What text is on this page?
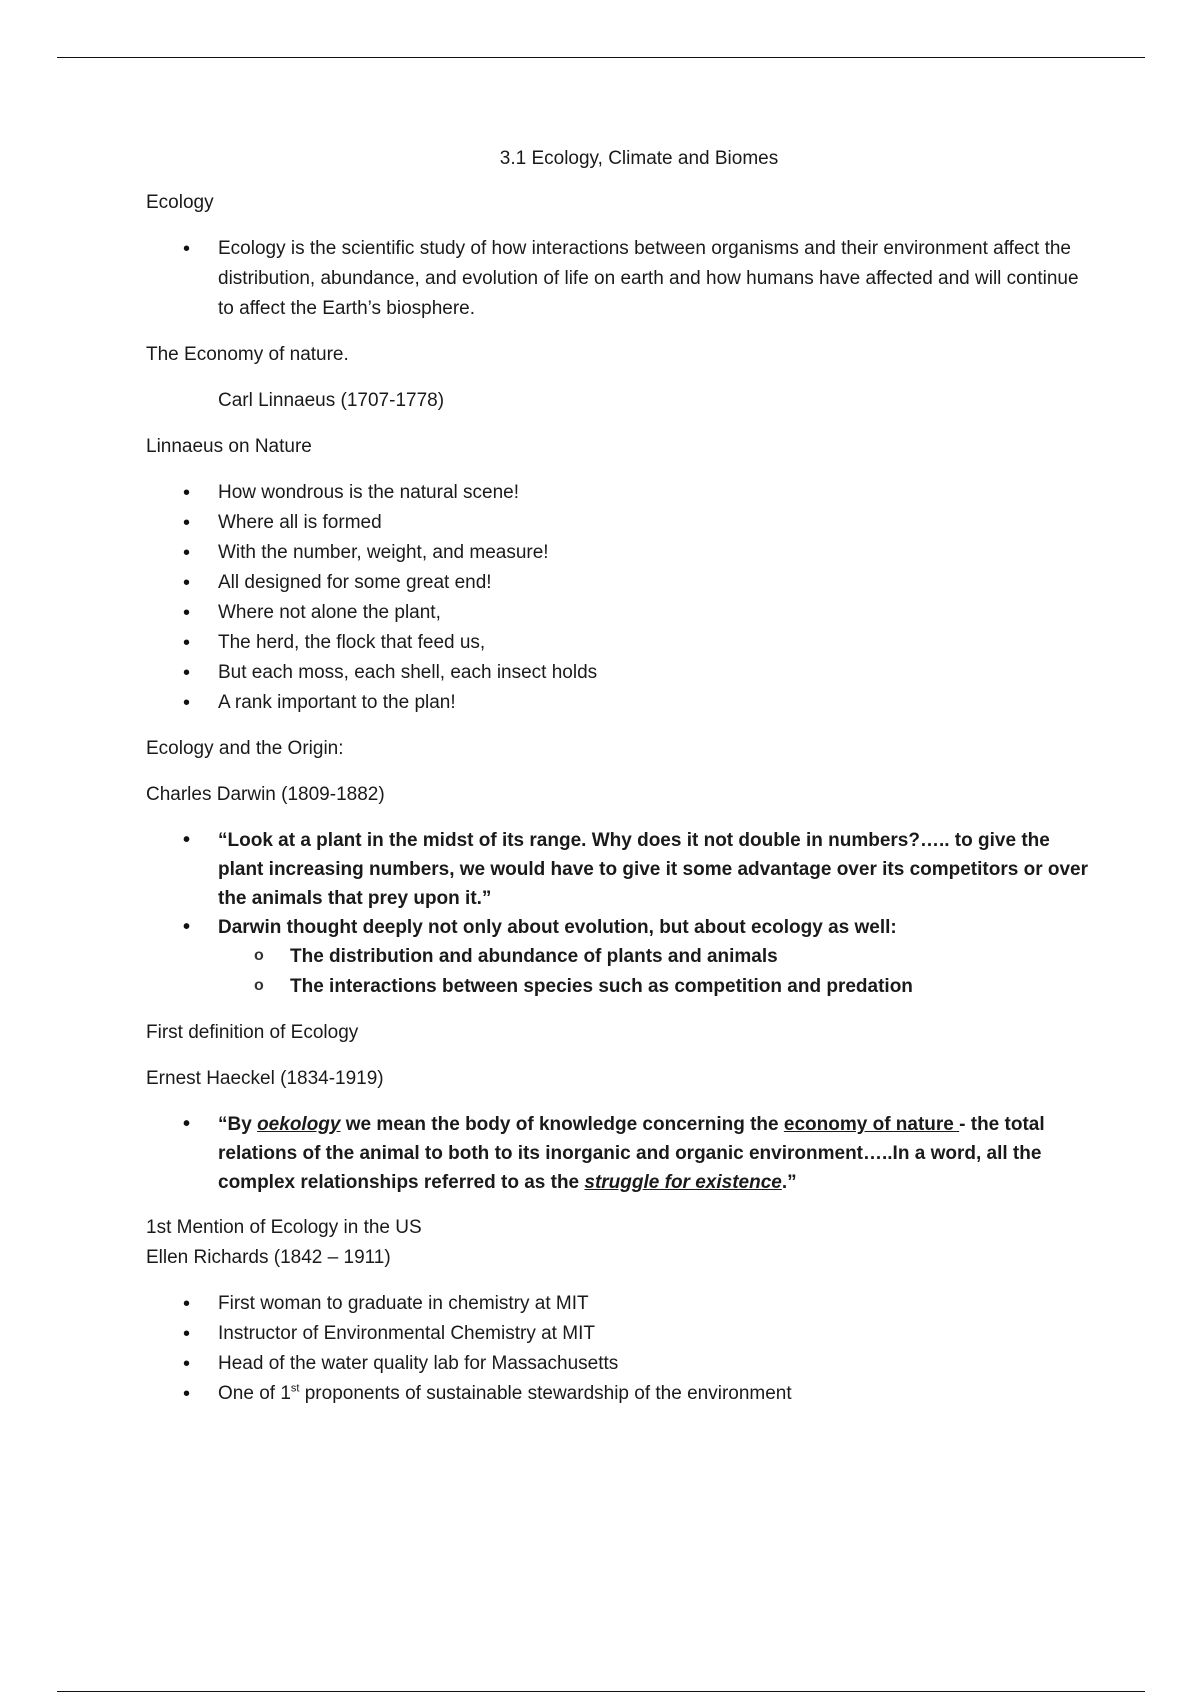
3.1 Ecology, Climate and Biomes

Ecology

• Ecology is the scientific study of how interactions between organisms and their environment affect the distribution, abundance, and evolution of life on earth and how humans have affected and will continue to affect the Earth’s biosphere.

The Economy of nature.

Carl Linnaeus (1707-1778)

Linnaeus on Nature

• How wondrous is the natural scene!
• Where all is formed
• With the number, weight, and measure!
• All designed for some great end!
• Where not alone the plant,
• The herd, the flock that feed us,
• But each moss, each shell, each insect holds
• A rank important to the plan!

Ecology and the Origin:

Charles Darwin (1809-1882)

• “Look at a plant in the midst of its range. Why does it not double in numbers?….. to give the plant increasing numbers, we would have to give it some advantage over its competitors or over the animals that prey upon it.”
• Darwin thought deeply not only about evolution, but about ecology as well:
o The distribution and abundance of plants and animals
o The interactions between species such as competition and predation

First definition of Ecology

Ernest Haeckel (1834-1919)

• “By oekology we mean the body of knowledge concerning the economy of nature - the total relations of the animal to both to its inorganic and organic environment…..In a word, all the complex relationships referred to as the struggle for existence.”

1st Mention of Ecology in the US

Ellen Richards (1842 – 1911)

• First woman to graduate in chemistry at MIT
• Instructor of Environmental Chemistry at MIT
• Head of the water quality lab for Massachusetts
• One of 1st proponents of sustainable stewardship of the environment
